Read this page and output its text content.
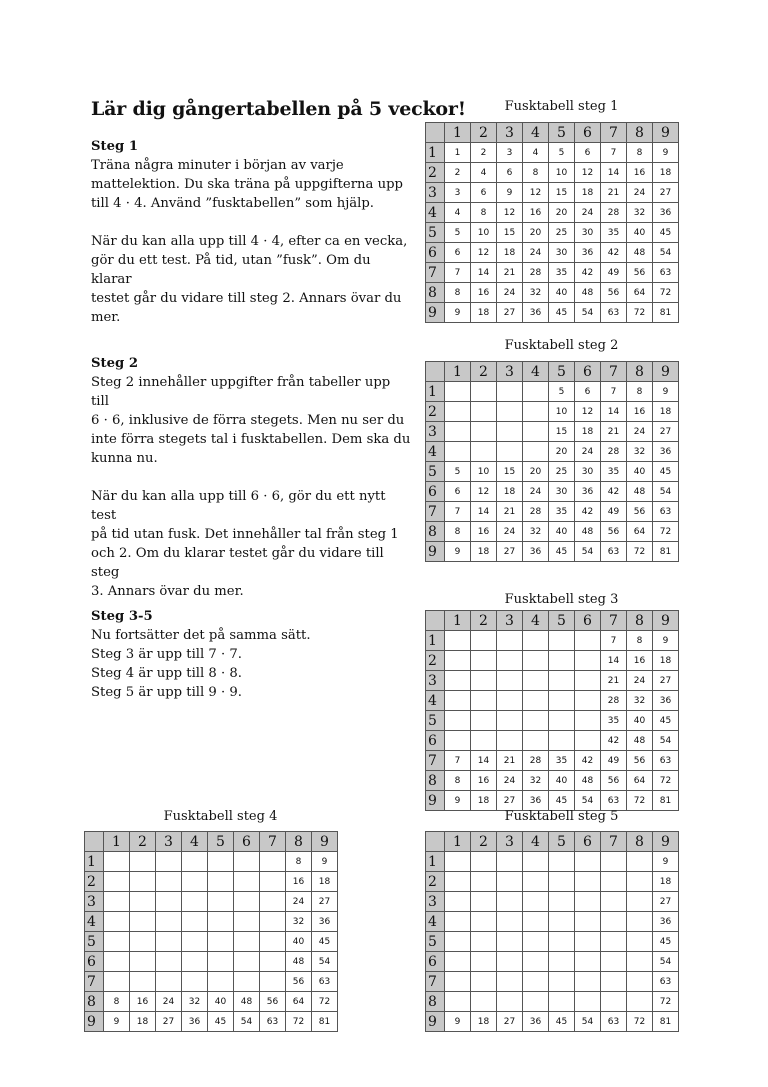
Lär dig gångertabellen på 5 veckor!

Steg 1

Träna några minuter i början av varje

mattelektion. Du ska träna på uppgifterna upp

till 4 · 4. Använd ”fusktabellen” som hjälp.

När du kan alla upp till 4 · 4, efter ca en vecka,

gör du ett test. På tid, utan ”fusk”. Om du klarar

testet går du vidare till steg 2. Annars övar du

mer.

Steg 2

Steg 2 innehåller uppgifter från tabeller upp till

6 · 6, inklusive de förra stegets. Men nu ser du

inte förra stegets tal i fusktabellen. Dem ska du

kunna nu.

När du kan alla upp till 6 · 6, gör du ett nytt test

på tid utan fusk. Det innehåller tal från steg 1

och 2. Om du klarar testet går du vidare till steg

3. Annars övar du mer.

Steg 3-5

Nu fortsätter det på samma sätt.

Steg 3 är upp till 7 · 7.

Steg 4 är upp till 8 · 8.

Steg 5 är upp till 9 · 9.

Fusktabell steg 1
	1	2	3	4	5	6	7	8	9
1	1	2	3	4	5	6	7	8	9
2	2	4	6	8	10	12	14	16	18
3	3	6	9	12	15	18	21	24	27
4	4	8	12	16	20	24	28	32	36
5	5	10	15	20	25	30	35	40	45
6	6	12	18	24	30	36	42	48	54
7	7	14	21	28	35	42	49	56	63
8	8	16	24	32	40	48	56	64	72
9	9	18	27	36	45	54	63	72	81
Fusktabell steg 2
	1	2	3	4	5	6	7	8	9
1					5	6	7	8	9
2					10	12	14	16	18
3					15	18	21	24	27
4					20	24	28	32	36
5	5	10	15	20	25	30	35	40	45
6	6	12	18	24	30	36	42	48	54
7	7	14	21	28	35	42	49	56	63
8	8	16	24	32	40	48	56	64	72
9	9	18	27	36	45	54	63	72	81
Fusktabell steg 3
	1	2	3	4	5	6	7	8	9
1							7	8	9
2							14	16	18
3							21	24	27
4							28	32	36
5							35	40	45
6							42	48	54
7	7	14	21	28	35	42	49	56	63
8	8	16	24	32	40	48	56	64	72
9	9	18	27	36	45	54	63	72	81
Fusktabell steg 4
	1	2	3	4	5	6	7	8	9
1								8	9
2								16	18
3								24	27
4								32	36
5								40	45
6								48	54
7								56	63
8	8	16	24	32	40	48	56	64	72
9	9	18	27	36	45	54	63	72	81
Fusktabell steg 5
	1	2	3	4	5	6	7	8	9
1									9
2									18
3									27
4									36
5									45
6									54
7									63
8									72
9	9	18	27	36	45	54	63	72	81
